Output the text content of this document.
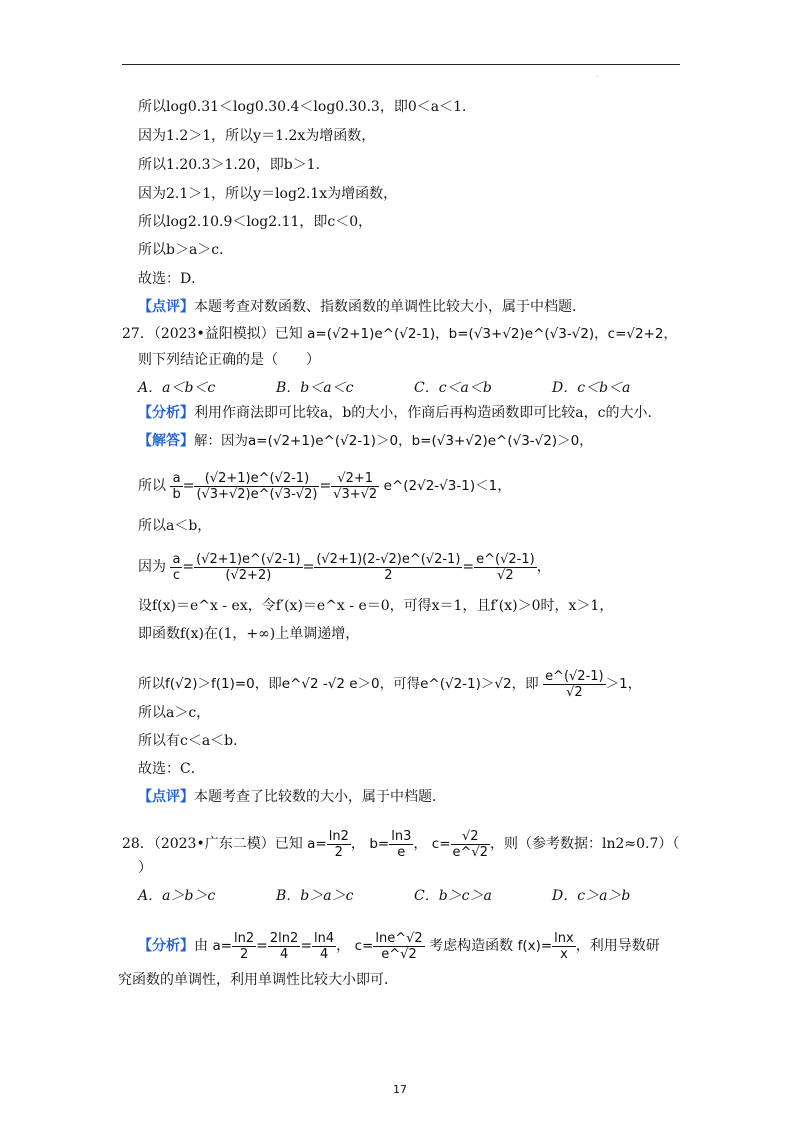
.
所以log0.31＜log0.30.4＜log0.30.3，即0＜a＜1．
因为1.2＞1，所以y＝1.2x为增函数，
所以1.20.3＞1.20，即b＞1．
因为2.1＞1，所以y＝log2.1x为增函数，
所以log2.10.9＜log2.11，即c＜0，
所以b＞a＞c．
故选：D．
【点评】本题考查对数函数、指数函数的单调性比较大小，属于中档题．
27．（2023•益阳模拟）已知 a=(√2+1)e^(√2-1)，b=(√3+√2)e^(√3-√2)，c=√2+2，
则下列结论正确的是（　　）
A．a＜b＜c	B．b＜a＜c	C．c＜a＜b	D．c＜b＜a
【分析】利用作商法即可比较a，b的大小，作商后再构造函数即可比较a，c的大小．
【解答】解：因为a=(√2+1)e^(√2-1)＞0，b=(√3+√2)e^(√3-√2)＞0，
所以 $\frac{a}{b} = \frac{(√2+1)e\^{}(√2-1)}{(√3+√2)e\^{}(√3-√2)} = \frac{√2+1}{√3+√2}$ e^(2√2-√3-1)＜1，
所以a＜b，
因为 $\frac{a}{c} = \frac{(√2+1)e\^{}(√2-1)}{(√2+2)} = \frac{(√2+1)(2-√2)e\^{}(√2-1)}{2} = \frac{e\^{}(√2-1)}{√2}$ ，
设f(x)＝e^x - ex，令f′(x)＝e^x - e＝0，可得x＝1，且f′(x)＞0时，x＞1，
即函数f(x)在(1，+∞)上单调递增，
所以f(√2)＞f(1)=0，即e^√2 -√2 e＞0，可得e^(√2-1)＞√2，即 $\frac{e\^{}(√2-1)}{√2} >1$，
所以a＞c，
所以有c＜a＜b．
故选：C．
【点评】本题考查了比较数的大小，属于中档题．
28．（2023•广东二模）已知 $a= \frac{\ln 2}{2}$ ， $b= \frac{\ln 3}{e}$ ， $c= \frac{√2}{e\^{}√2}$ ，则（参考数据：ln2≈0.7）（
）
A．a＞b＞c	B．b＞a＞c	C．b＞c＞a	D．c＞a＞b
【分析】由 $a= \frac{\ln 2}{2} = \frac{2\ln 2}{4} = \frac{\ln 4}{4}$ ， $c= \frac{\ln e\^{}√2}{e\^{}√2}$ 考虑构造函数 $f(x)= \frac{\ln x}{x}$ ，利用导数研
究函数的单调性，利用单调性比较大小即可．
17
